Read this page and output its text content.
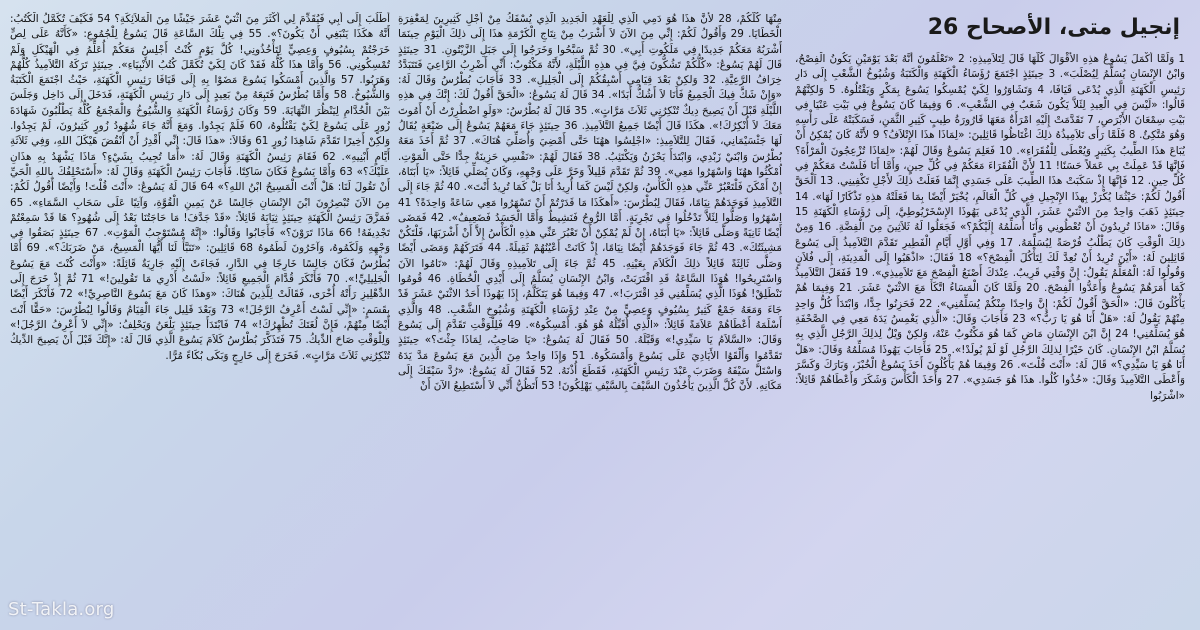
إنجيل متى، الأصحاح 26
1 وَلَمَّا أَكْمَلَ يَسُوعُ هذِهِ الأَقْوَالَ كُلَّهَا قَالَ لِتَلاَمِيذِهِ: 2 «تَعْلَمُونَ أَنَّهُ بَعْدَ يَوْمَيْنِ يَكُونُ الْفِصْحُ، وَابْنُ الإِنْسَانِ يُسَلَّمُ لِيُصْلَبَ». 3 حِينَئِذٍ اجْتَمَعَ رُؤَسَاءُ الْكَهَنَةِ وَالْكَتَبَةُ وَشُيُوخُ الشَّعْبِ إِلَى دَارِ رَئِيسِ الْكَهَنَةِ الَّذِي يُدْعَى قَيَافَا، 4 وَتَشَاوَرُوا لِكَيْ يُمْسِكُوا يَسُوعَ بِمَكْرٍ وَيَقْتُلُوهُ. 5 وَلكِنَّهُمْ قَالُوا: «لَيْسَ فِي الْعِيدِ لِئَلاَّ يَكُونَ شَغَبٌ فِي الشَّعْبِ». 6 وَفِيمَا كَانَ يَسُوعُ فِي بَيْتِ عَنْيَا فِي بَيْتِ سِمْعَانَ الأَبْرَصِ، 7 تَقَدَّمَتْ إِلَيْهِ امْرَأَةٌ مَعَهَا قَارُورَةُ طِيبٍ كَثِيرِ الثَّمَنِ، فَسَكَبَتْهُ عَلَى رَأْسِهِ وَهُوَ مُتَّكِئٌ. 8 فَلَمَّا رَأَى تَلاَمِيذُهُ ذلِكَ اغْتَاظُوا قَائِلِينَ: «لِمَاذَا هذَا الإِتْلاَفُ؟ 9 لأَنَّهُ كَانَ يُمْكِنُ أَنْ يُبَاعَ هذَا الطِّيبُ بِكَثِيرٍ وَيُعْطَى لِلْفُقَرَاءِ». 10 فَعَلِمَ يَسُوعُ وَقَالَ لَهُمْ: «لِمَاذَا تُزْعِجُونَ الْمَرْأَةَ؟ فَإِنَّهَا قَدْ عَمِلَتْ بِي عَمَلاً حَسَنًا! 11 لأَنَّ الْفُقَرَاءَ مَعَكُمْ فِي كُلِّ حِينٍ، وَأَمَّا أَنَا فَلَسْتُ مَعَكُمْ فِي كُلِّ حِينٍ. 12 فَإِنَّهَا إِذْ سَكَبَتْ هذَا الطِّيبَ عَلَى جَسَدِي إِنَّمَا فَعَلَتْ ذلِكَ لأَجْلِ تَكْفِينِي. 13 اَلْحَقَّ أَقُولُ لَكُمْ: حَيْثُمَا يُكْرَزْ بِهذَا الإِنْجِيلِ فِي كُلِّ الْعَالَمِ، يُخْبَرْ أَيْضًا بِمَا فَعَلَتْهُ هذِهِ تَذْكَارًا لَهَا». 14 حِينَئِذٍ ذَهَبَ وَاحِدٌ مِنَ الاثْنَيْ عَشَرَ، الَّذِي يُدْعَى يَهُوذَا الإِسْخَرْيُوطِيَّ، إِلَى رُؤَسَاءِ الْكَهَنَةِ 15 وَقَالَ: «مَاذَا تُرِيدُونَ أَنْ تُعْطُونِي وَأَنَا أُسَلِّمُهُ إِلَيْكُمْ؟» فَجَعَلُوا لَهُ ثَلاَثِينَ مِنَ الْفِضَّةِ. 16 وَمِنْ ذلِكَ الْوَقْتِ كَانَ يَطْلُبُ فُرْصَةً لِيُسَلِّمَهُ. 17 وَفِي أَوَّلِ أَيَّامِ الْفَطِيرِ تَقَدَّمَ التَّلاَمِيذُ إِلَى يَسُوعَ قَائِلِينَ لَهُ: «أَيْنَ تُرِيدُ أَنْ نُعِدَّ لَكَ لِتَأْكُلَ الْفِصْحَ؟» 18 فَقَالَ: «اذْهَبُوا إِلَى الْمَدِينَةِ، إِلَى فُلاَنٍ وَقُولُوا لَهُ: الْمُعَلِّمُ يَقُولُ: إِنَّ وَقْتِي قَرِيبٌ. عِنْدَكَ أَصْنَعُ الْفِصْحَ مَعَ تَلاَمِيذِي». 19 فَفَعَلَ التَّلاَمِيذُ كَمَا أَمَرَهُمْ يَسُوعُ وَأَعَدُّوا الْفِصْحَ. 20 وَلَمَّا كَانَ الْمَسَاءُ اتَّكَأَ مَعَ الاثْنَيْ عَشَرَ. 21 وَفِيمَا هُمْ يَأْكُلُونَ قَالَ: «الْحَقَّ أَقُولُ لَكُمْ: إِنَّ وَاحِدًا مِنْكُمْ يُسَلِّمُنِي». 22 فَحَزِنُوا جِدًّا، وَابْتَدَأَ كُلُّ وَاحِدٍ مِنْهُمْ يَقُولُ لَهُ: «هَلْ أَنَا هُوَ يَا رَبُّ؟» 23 فَأَجَابَ وَقَالَ: «الَّذِي يَغْمِسُ يَدَهُ مَعِي فِي الصَّحْفَةِ هُوَ يُسَلِّمُنِي! 24 إِنَّ ابْنَ الإِنْسَانِ مَاضٍ كَمَا هُوَ مَكْتُوبٌ عَنْهُ، وَلكِنْ وَيْلٌ لِذلِكَ الرَّجُلِ الَّذِي بِهِ يُسَلَّمُ ابْنُ الإِنْسَانِ. كَانَ خَيْرًا لِذلِكَ الرَّجُلِ لَوْ لَمْ يُولَدْ!». 25 فَأَجَابَ يَهُوذَا مُسَلِّمُهُ وَقَالَ: «هَلْ أَنَا هُوَ يَا سَيِّدِي؟» قَالَ لَهُ: «أَنْتَ قُلْتَ». 26 وَفِيمَا هُمْ يَأْكُلُونَ أَخَذَ يَسُوعُ الْخُبْزَ، وَبَارَكَ وَكَسَّرَ وَأَعْطَى التَّلاَمِيذَ وَقَالَ: «خُذُوا كُلُوا. هذَا هُوَ جَسَدِي». 27 وَأَخَذَ الْكَأْسَ وَشَكَرَ وَأَعْطَاهُمْ قَائِلاً: «اشْرَبُوا
مِنْهَا كُلُّكُمْ، 28 لأَنَّ هذَا هُوَ دَمِي الَّذِي لِلْعَهْدِ الْجَدِيدِ الَّذِي يُسْفَكُ مِنْ أَجْلِ كَثِيرِينَ لِمَغْفِرَةِ الْخَطَايَا. 29 وَأَقُولُ لَكُمْ: إِنِّي مِنَ الآنَ لاَ أَشْرَبُ مِنْ نِتَاجِ الْكَرْمَةِ هذَا إِلَى ذلِكَ الْيَوْمِ حِينَمَا أَشْرَبُهُ مَعَكُمْ جَدِيدًا فِي مَلَكُوتِ أَبِي». 30 ثُمَّ سَبَّحُوا وَخَرَجُوا إِلَى جَبَلِ الزَّيْتُونِ. 31 حِينَئِذٍ قَالَ لَهُمْ يَسُوعُ: «كُلُّكُمْ تَشُكُّونَ فِيَّ فِي هذِهِ اللَّيْلَةِ، لأَنَّهُ مَكْتُوبٌ: أَنِّي أَضْرِبُ الرَّاعِيَ فَتَتَبَدَّدُ خِرَافُ الرَّعِيَّةِ. 32 وَلكِنْ بَعْدَ قِيَامِي أَسْبِقُكُمْ إِلَى الْجَلِيلِ». 33 فَأَجَابَ بُطْرُسُ وَقَالَ لَهُ: «وَإِنْ شَكَّ فِيكَ الْجَمِيعُ فَأَنَا لاَ أَشُكُّ أَبَدًا». 34 قَالَ لَهُ يَسُوعُ: «الْحَقَّ أَقُولُ لَكَ: إِنَّكَ فِي هذِهِ اللَّيْلَةِ قَبْلَ أَنْ يَصِيحَ دِيكٌ تُنْكِرُنِي ثَلاَثَ مَرَّاتٍ». 35 قَالَ لَهُ بُطْرُسُ: «وَلَوِ اضْطُرِرْتُ أَنْ أَمُوتَ مَعَكَ لاَ أُنْكِرُكَ!». هكَذَا قَالَ أَيْضًا جَمِيعُ التَّلاَمِيذِ. 36 حِينَئِذٍ جَاءَ مَعَهُمْ يَسُوعُ إِلَى ضَيْعَةٍ يُقَالُ لَهَا جَثْسَيْمَانِي، فَقَالَ لِلتَّلاَمِيذِ: «اجْلِسُوا ههُنَا حَتَّى أَمْضِيَ وَأُصَلِّيَ هُنَاكَ». 37 ثُمَّ أَخَذَ مَعَهُ بُطْرُسَ وَابْنَيْ زَبْدِي، وَابْتَدَأَ يَحْزَنُ وَيَكْتَئِبُ. 38 فَقَالَ لَهُمْ: «نَفْسِي حَزِينَةٌ جِدًّا حَتَّى الْمَوْتِ. اُمْكُثُوا ههُنَا وَاسْهَرُوا مَعِي». 39 ثُمَّ تَقَدَّمَ قَلِيلاً وَخَرَّ عَلَى وَجْهِهِ، وَكَانَ يُصَلِّي قَائِلاً: «يَا أَبَتَاهُ، إِنْ أَمْكَنَ فَلْتَعْبُرْ عَنِّي هذِهِ الْكَأْسُ، وَلكِنْ لَيْسَ كَمَا أُرِيدُ أَنَا بَلْ كَمَا تُرِيدُ أَنْتَ». 40 ثُمَّ جَاءَ إِلَى التَّلاَمِيذِ فَوَجَدَهُمْ نِيَامًا، فَقَالَ لِبُطْرُسَ: «أَهكَذَا مَا قَدَرْتُمْ أَنْ تَسْهَرُوا مَعِي سَاعَةً وَاحِدَةً؟ 41 اِسْهَرُوا وَصَلُّوا لِئَلاَّ تَدْخُلُوا فِي تَجْرِبَةٍ. أَمَّا الرُّوحُ فَنَشِيطٌ وَأَمَّا الْجَسَدُ فَضَعِيفٌ». 42 فَمَضَى أَيْضًا ثَانِيَةً وَصَلَّى قَائِلاً: «يَا أَبَتَاهُ، إِنْ لَمْ يُمْكِنْ أَنْ تَعْبُرَ عَنِّي هذِهِ الْكَأْسُ إِلاَّ أَنْ أَشْرَبَهَا، فَلْتَكُنْ مَشِيئَتُكَ». 43 ثُمَّ جَاءَ فَوَجَدَهُمْ أَيْضًا نِيَامًا، إِذْ كَانَتْ أَعْيُنُهُمْ ثَقِيلَةً. 44 فَتَرَكَهُمْ وَمَضَى أَيْضًا وَصَلَّى ثَالِثَةً قَائِلاً ذلِكَ الْكَلاَمَ بِعَيْنِهِ. 45 ثُمَّ جَاءَ إِلَى تَلاَمِيذِهِ وَقَالَ لَهُمْ: «نَامُوا الآنَ وَاسْتَرِيحُوا! هُوَذَا السَّاعَةُ قَدِ اقْتَرَبَتْ، وَابْنُ الإِنْسَانِ يُسَلَّمُ إِلَى أَيْدِي الْخُطَاةِ. 46 قُومُوا نَنْطَلِقْ! هُوَذَا الَّذِي يُسَلِّمُنِي قَدِ اقْتَرَبَ!». 47 وَفِيمَا هُوَ يَتَكَلَّمُ، إِذَا يَهُوذَا أَحَدُ الاثْنَيْ عَشَرَ قَدْ جَاءَ وَمَعَهُ جَمْعٌ كَثِيرٌ بِسُيُوفٍ وَعِصِيٍّ مِنْ عِنْدِ رُؤَسَاءِ الْكَهَنَةِ وَشُيُوخِ الشَّعْبِ. 48 وَالَّذِي أَسْلَمَهُ أَعْطَاهُمْ عَلاَمَةً قَائِلاً: «الَّذِي أُقَبِّلُهُ هُوَ هُوَ. أَمْسِكُوهُ». 49 فَلِلْوَقْتِ تَقَدَّمَ إِلَى يَسُوعَ وَقَالَ: «السَّلاَمُ يَا سَيِّدِي!» وَقَبَّلَهُ. 50 فَقَالَ لَهُ يَسُوعُ: «يَا صَاحِبُ، لِمَاذَا جِئْتَ؟» حِينَئِذٍ تَقَدَّمُوا وَأَلْقَوُا الأَيَادِيَ عَلَى يَسُوعَ وَأَمْسَكُوهُ. 51 وَإِذَا وَاحِدٌ مِنَ الَّذِينَ مَعَ يَسُوعَ مَدَّ يَدَهُ وَاسْتَلَّ سَيْفَهُ وَضَرَبَ عَبْدَ رَئِيسِ الْكَهَنَةِ، فَقَطَعَ أُذْنَهُ. 52 فَقَالَ لَهُ يَسُوعُ: «رُدَّ سَيْفَكَ إِلَى مَكَانِهِ. لأَنَّ كُلَّ الَّذِينَ يَأْخُذُونَ السَّيْفَ بِالسَّيْفِ يَهْلِكُونَ! 53 أَتَظُنُّ أَنِّي لاَ أَسْتَطِيعُ الآنَ أَنْ
أَطْلُبَ إِلَى أَبِي فَيُقَدِّمَ لِي أَكْثَرَ مِنَ اثْنَيْ عَشَرَ جَيْشًا مِنَ الْمَلاَئِكَةِ؟ 54 فَكَيْفَ تُكَمَّلُ الْكُتُبُ: أَنَّهُ هكَذَا يَنْبَغِي أَنْ يَكُونَ؟». 55 فِي تِلْكَ السَّاعَةِ قَالَ يَسُوعُ لِلْجُمُوعِ: «كَأَنَّهُ عَلَى لِصٍّ خَرَجْتُمْ بِسُيُوفٍ وَعِصِيٍّ لِتَأْخُذُونِي! كُلَّ يَوْمٍ كُنْتُ أَجْلِسُ مَعَكُمْ أُعَلِّمُ فِي الْهَيْكَلِ وَلَمْ تُمْسِكُونِي. 56 وَأَمَّا هذَا كُلُّهُ فَقَدْ كَانَ لِكَيْ تُكَمَّلَ كُتُبُ الأَنْبِيَاءِ». حِينَئِذٍ تَرَكَهُ التَّلاَمِيذُ كُلُّهُمْ وَهَرَبُوا. 57 وَالَّذِينَ أَمْسَكُوا يَسُوعَ مَضَوْا بِهِ إِلَى قَيَافَا رَئِيسِ الْكَهَنَةِ، حَيْثُ اجْتَمَعَ الْكَتَبَةُ وَالشُّيُوخُ. 58 وَأَمَّا بُطْرُسُ فَتَبِعَهُ مِنْ بَعِيدٍ إِلَى دَارِ رَئِيسِ الْكَهَنَةِ، فَدَخَلَ إِلَى دَاخِل وَجَلَسَ بَيْنَ الْخُدَّامِ لِيَنْظُرَ النِّهَايَةَ. 59 وَكَانَ رُؤَسَاءُ الْكَهَنَةِ وَالشُّيُوخُ وَالْمَجْمَعُ كُلُّهُ يَطْلُبُونَ شَهَادَةَ زُورٍ عَلَى يَسُوعَ لِكَيْ يَقْتُلُوهُ، 60 فَلَمْ يَجِدُوا. وَمَعَ أَنَّهُ جَاءَ شُهُودُ زُورٍ كَثِيرُونَ، لَمْ يَجِدُوا. وَلكِنْ أَخِيرًا تَقَدَّمَ شَاهِدَا زُورٍ 61 وَقَالاَ: «هذَا قَالَ: إِنِّي أَقْدِرُ أَنْ أَنْقُضَ هَيْكَلَ اللهِ، وَفِي ثَلاَثَةِ أَيَّامٍ أَبْنِيهِ». 62 فَقَامَ رَئِيسُ الْكَهَنَةِ وَقَالَ لَهُ: «أَمَا تُجِيبُ بِشَيْءٍ؟ مَاذَا يَشْهَدُ بِهِ هذَانِ عَلَيْكَ؟» 63 وَأَمَّا يَسُوعُ فَكَانَ سَاكِتًا. فَأَجَابَ رَئِيسُ الْكَهَنَةِ وَقَالَ لَهُ: «أَسْتَحْلِفُكَ بِاللهِ الْحَيِّ أَنْ تَقُولَ لَنَا: هَلْ أَنْتَ الْمَسِيحُ ابْنُ اللهِ؟» 64 قَالَ لَهُ يَسُوعُ: «أَنْتَ قُلْتَ! وَأَيْضًا أَقُولُ لَكُمْ: مِنَ الآنَ تُبْصِرُونَ ابْنَ الإِنْسَانِ جَالِسًا عَنْ يَمِينِ الْقُوَّةِ، وَآتِيًا عَلَى سَحَابِ السَّمَاءِ». 65 فَمَزَّقَ رَئِيسُ الْكَهَنَةِ حِينَئِذٍ ثِيَابَهُ قَائِلاً: «قَدْ جَدَّفَ! مَا حَاجَتُنَا بَعْدُ إِلَى شُهُودٍ؟ هَا قَدْ سَمِعْتُمْ تَجْدِيفَهُ! 66 مَاذَا تَرَوْنَ؟» فَأَجَابُوا وَقَالُوا: «إِنَّهُ مُسْتَوْجِبُ الْمَوْتِ». 67 حِينَئِذٍ بَصَقُوا فِي وَجْهِهِ وَلَكَمُوهُ، وَآخَرُونَ لَطَمُوهُ 68 قَائِلِينَ: «تَنَبَّأْ لَنَا أَيُّهَا الْمَسِيحُ، مَنْ ضَرَبَكَ؟». 69 أَمَّا بُطْرُسُ فَكَانَ جَالِسًا خَارِجًا فِي الدَّارِ، فَجَاءَتْ إِلَيْهِ جَارِيَةٌ قَائِلَةً: «وَأَنْتَ كُنْتَ مَعَ يَسُوعَ الْجَلِيلِيِّ!». 70 فَأَنْكَرَ قُدَّامَ الْجَمِيعِ قَائِلاً: «لَسْتُ أَدْرِي مَا تَقُولِينَ!» 71 ثُمَّ إِذْ خَرَجَ إِلَى الدِّهْلِيزِ رَأَتْهُ أُخْرَى، فَقَالَتْ لِلَّذِينَ هُنَاكَ: «وَهذَا كَانَ مَعَ يَسُوعَ النَّاصِرِيِّ!» 72 فَأَنْكَرَ أَيْضًا بِقَسَمٍ: «إِنِّي لَسْتُ أَعْرِفُ الرَّجُلَ!» 73 وَبَعْدَ قَلِيل جَاءَ الْقِيَامُ وَقَالُوا لِبُطْرُسَ: «حَقًّا أَنْتَ أَيْضًا مِنْهُمْ، فَإِنَّ لُغَتَكَ تُظْهِرُكَ!» 74 فَابْتَدَأَ حِينَئِذٍ يَلْعَنُ وَيَحْلِفُ: «إِنِّي لاَ أَعْرِفُ الرَّجُلَ!» وَلِلْوَقْتِ صَاحَ الدِّيكُ. 75 فَتَذَكَّرَ بُطْرُسُ كَلاَمَ يَسُوعَ الَّذِي قَالَ لَهُ: «إِنَّكَ قَبْلَ أَنْ يَصِيحَ الدِّيكُ تُنْكِرُنِي ثَلاَثَ مَرَّاتٍ». فَخَرَجَ إِلَى خَارِجٍ وَبَكَى بُكَاءً مُرًّا.
St-Takla.org
